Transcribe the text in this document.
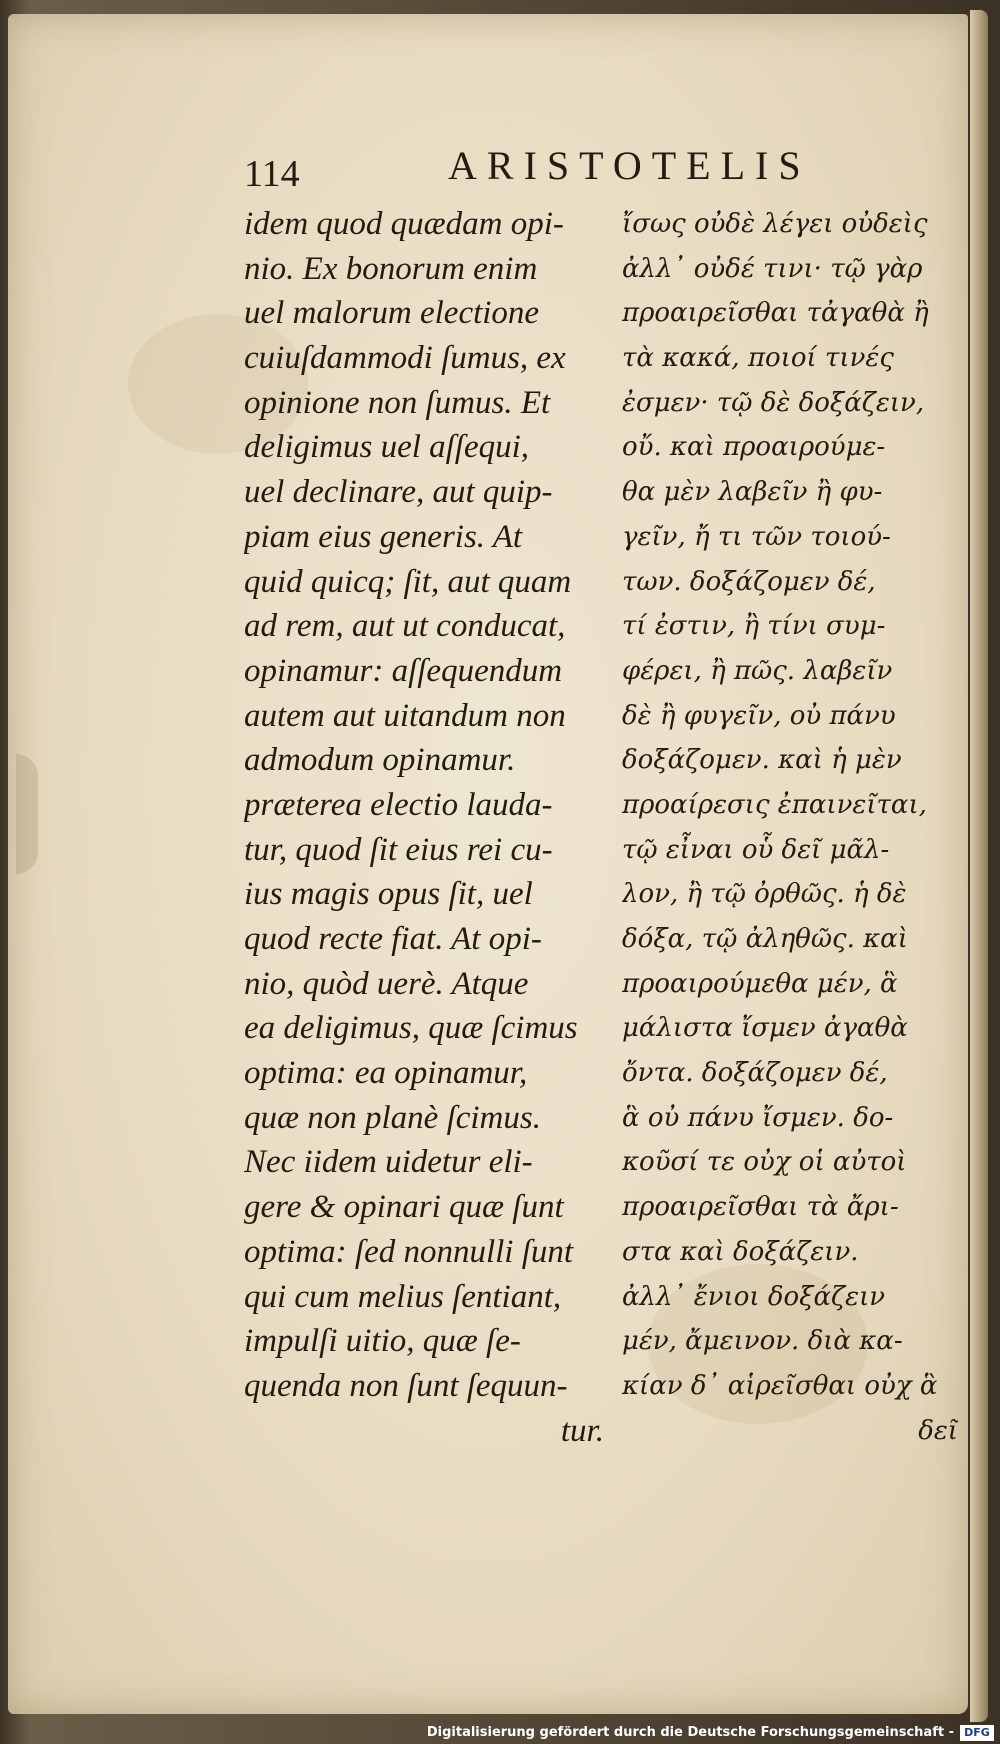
114	ARISTOTELIS
idem quod quædam opi-
nio. Ex bonorum enim
uel malorum electione
cuiuſdammodi ſumus, ex
opinione non ſumus. Et
deligimus uel aſſequi,
uel declinare, aut quip-
piam eius generis. At
quid quicq; ſit, aut quam
ad rem, aut ut conducat,
opinamur: aſſequendum
autem aut uitandum non
admodum opinamur.
præterea electio lauda-
tur, quod ſit eius rei cu-
ius magis opus ſit, uel
quod recte fiat. At opi-
nio, quòd uerè. Atque
ea deligimus, quæ ſcimus
optima: ea opinamur,
quæ non planè ſcimus.
Nec iidem uidetur eli-
gere & opinari quæ ſunt
optima: ſed nonnulli ſunt
qui cum melius ſentiant,
impulſi uitio, quæ ſe-
quenda non ſunt ſequun-
tur.
ἴσως οὐδὲ λέγει οὐδεὶς
ἀλλ᾽ οὐδέ τινι· τῷ γὰρ
προαιρεῖσθαι τἀγαθὰ ἢ
τὰ κακά, ποιοί τινές
ἐσμεν· τῷ δὲ δοξάζειν,
οὔ. καὶ προαιρούμε-
θα μὲν λαβεῖν ἢ φυ-
γεῖν, ἤ τι τῶν τοιού-
των. δοξάζομεν δέ,
τί ἐστιν, ἢ τίνι συμ-
φέρει, ἢ πῶς. λαβεῖν
δὲ ἢ φυγεῖν, οὐ πάνυ
δοξάζομεν. καὶ ἡ μὲν
προαίρεσις ἐπαινεῖται,
τῷ εἶναι οὗ δεῖ μᾶλ-
λον, ἢ τῷ ὀρθῶς. ἡ δὲ
δόξα, τῷ ἀληθῶς. καὶ
προαιρούμεθα μέν, ἃ
μάλιστα ἴσμεν ἀγαθὰ
ὄντα. δοξάζομεν δέ,
ἃ οὐ πάνυ ἴσμεν. δο-
κοῦσί τε οὐχ οἱ αὐτοὶ
προαιρεῖσθαι τὰ ἄρι-
στα καὶ δοξάζειν.
ἀλλ᾽ ἔνιοι δοξάζειν
μέν, ἄμεινον. διὰ κα-
κίαν δ᾽ αἱρεῖσθαι οὐχ ἃ
δεῖ
Digitalisierung gefördert durch die Deutsche Forschungsgemeinschaft - DFG
